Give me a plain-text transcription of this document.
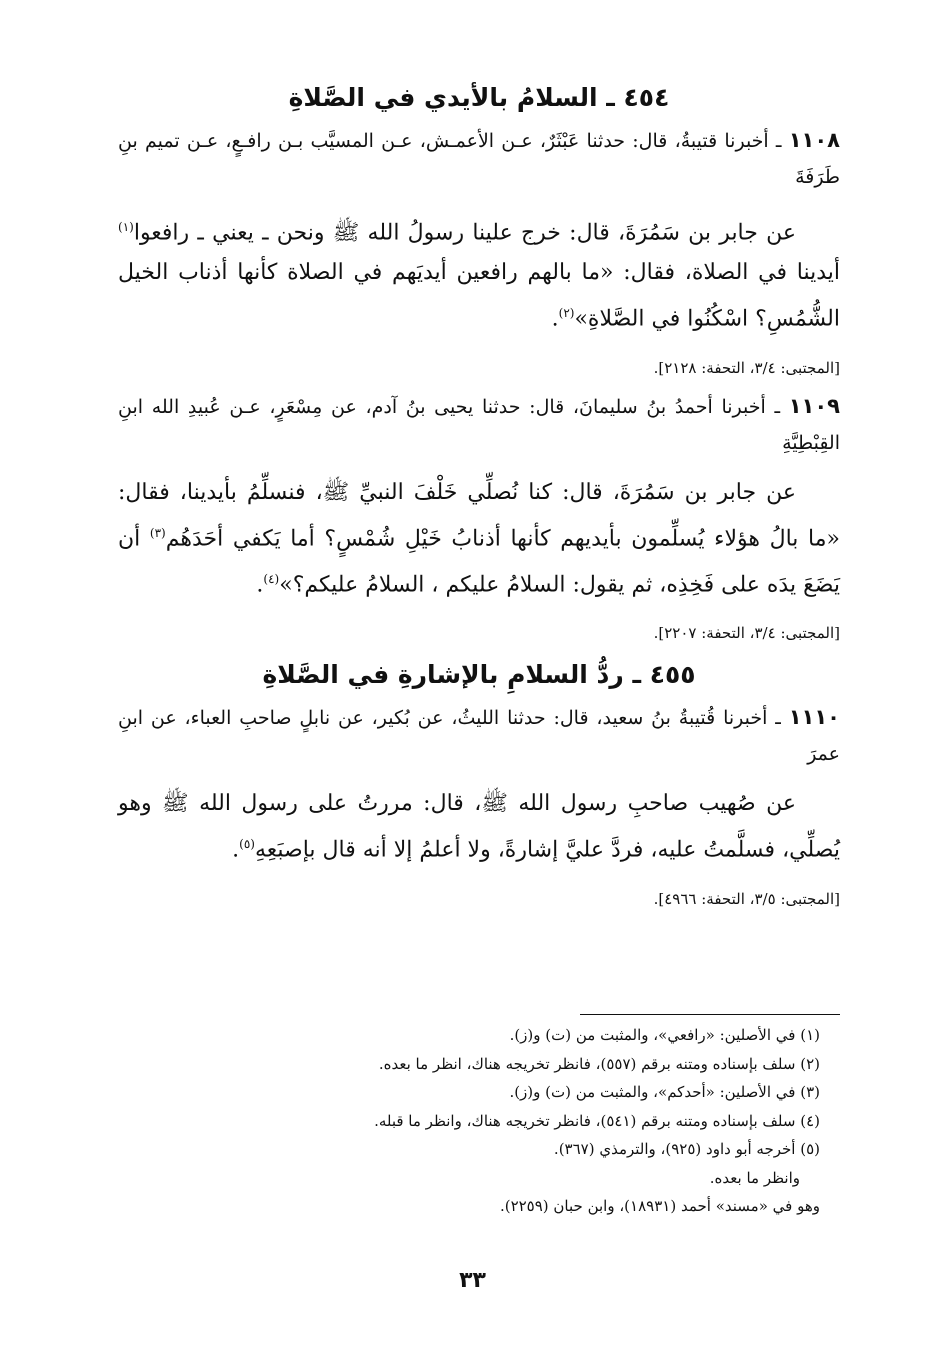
٤٥٤ ـ السلامُ بالأيدي في الصَّلاةِ

١١٠٨ ـ أخبرنا قتيبةُ، قال: حدثنا عَبْثَرٌ، عـن الأعمـش، عـن المسيَّب بـن رافـعٍ، عـن تميم بنِ طَرَفَةَ

عن جابر بن سَمُرَةَ، قال: خرج علينا رسولُ الله ﷺ ونحن ـ يعني ـ رافعوا$^{(١)}$ أيدينا في الصلاة، فقال: «ما بالهم رافعين أيديَهم في الصلاة كأنها أذناب الخيل الشُّمُسِ؟ اسْكُنُوا في الصَّلاةِ»$^{(٢)}$.

[المجتبى: ٣/٤، التحفة: ٢١٢٨].

١١٠٩ ـ أخبرنا أحمدُ بنُ سليمانَ، قال: حدثنا يحيى بنُ آدم، عن مِسْعَرٍ، عـن عُبيدِ الله ابنِ القِبْطِيَّةِ

عن جابر بن سَمُرَةَ، قال: كنا نُصلِّي خَلْفَ النبيِّ ﷺ، فنسلِّمُ بأيدينا، فقال: «ما بالُ هؤلاء يُسلِّمون بأيديهم كأنها أذنابُ خَيْلِ شُمْسٍ؟ أما يَكفي أحَدَهُم$^{(٣)}$ أن يَضَعَ يدَه على فَخِذِه، ثم يقول: السلامُ عليكم ، السلامُ عليكم؟»$^{(٤)}$.

[المجتبى: ٣/٤، التحفة: ٢٢٠٧].
٤٥٥ ـ ردُّ السلامِ بالإشارةِ في الصَّلاةِ

١١١٠ ـ أخبرنا قُتيبةُ بنُ سعيد، قال: حدثنا الليثُ، عن بُكير، عن نابلٍ صاحبِ العباء، عن ابنِ عمرَ

عن صُهيب صاحبِ رسول الله ﷺ، قال: مررتُ على رسول الله ﷺ وهو يُصلِّي، فسلَّمتُ عليه، فردَّ عليَّ إشارةً، ولا أعلمُ إلا أنه قال بإصبَعِهِ$^{(٥)}$.

[المجتبى: ٣/٥، التحفة: ٤٩٦٦].
(١) في الأصلين: «رافعي»، والمثبت من (ت) و(ز).
(٢) سلف بإسناده ومتنه برقم (٥٥٧)، فانظر تخريجه هناك، انظر ما بعده.
(٣) في الأصلين: «أحدكم»، والمثبت من (ت) و(ز).
(٤) سلف بإسناده ومتنه برقم (٥٤١)، فانظر تخريجه هناك، وانظر ما قبله.
(٥) أخرجه أبو داود (٩٢٥)، والترمذي (٣٦٧).
وانظر ما بعده.
وهو في «مسند» أحمد (١٨٩٣١)، وابن حبان (٢٢٥٩).
٣٣
